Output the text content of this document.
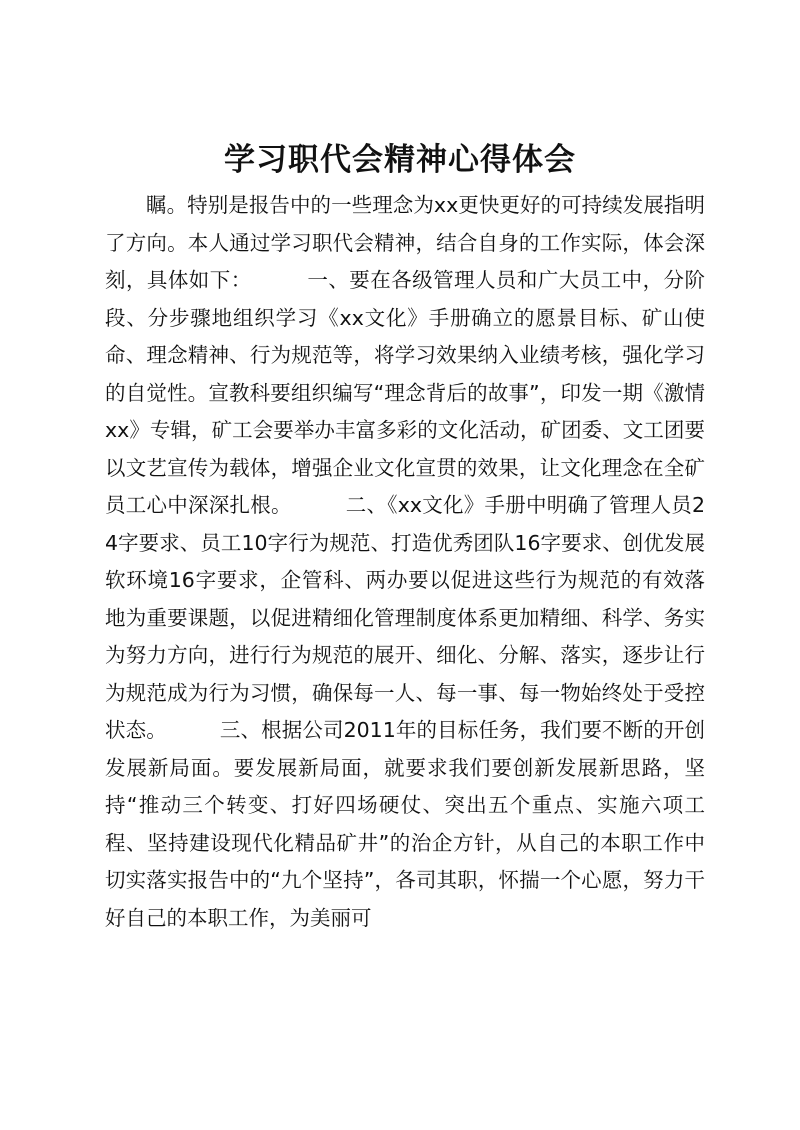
学习职代会精神心得体会

瞩。特别是报告中的一些理念为xx更快更好的可持续发展指明了方向。本人通过学习职代会精神，结合自身的工作实际，体会深刻，具体如下：        一、要在各级管理人员和广大员工中，分阶段、分步骤地组织学习《xx文化》手册确立的愿景目标、矿山使命、理念精神、行为规范等，将学习效果纳入业绩考核，强化学习的自觉性。宣教科要组织编写“理念背后的故事”，印发一期《激情xx》专辑，矿工会要举办丰富多彩的文化活动，矿团委、文工团要以文艺宣传为载体，增强企业文化宣贯的效果，让文化理念在全矿员工心中深深扎根。        二、《xx文化》手册中明确了管理人员24字要求、员工10字行为规范、打造优秀团队16字要求、创优发展软环境16字要求，企管科、两办要以促进这些行为规范的有效落地为重要课题，以促进精细化管理制度体系更加精细、科学、务实为努力方向，进行行为规范的展开、细化、分解、落实，逐步让行为规范成为行为习惯，确保每一人、每一事、每一物始终处于受控状态。        三、根据公司2011年的目标任务，我们要不断的开创发展新局面。要发展新局面，就要求我们要创新发展新思路，坚持“推动三个转变、打好四场硬仗、突出五个重点、实施六项工程、坚持建设现代化精品矿井”的治企方针，从自己的本职工作中切实落实报告中的“九个坚持”，各司其职，怀揣一个心愿，努力干好自己的本职工作，为美丽可
